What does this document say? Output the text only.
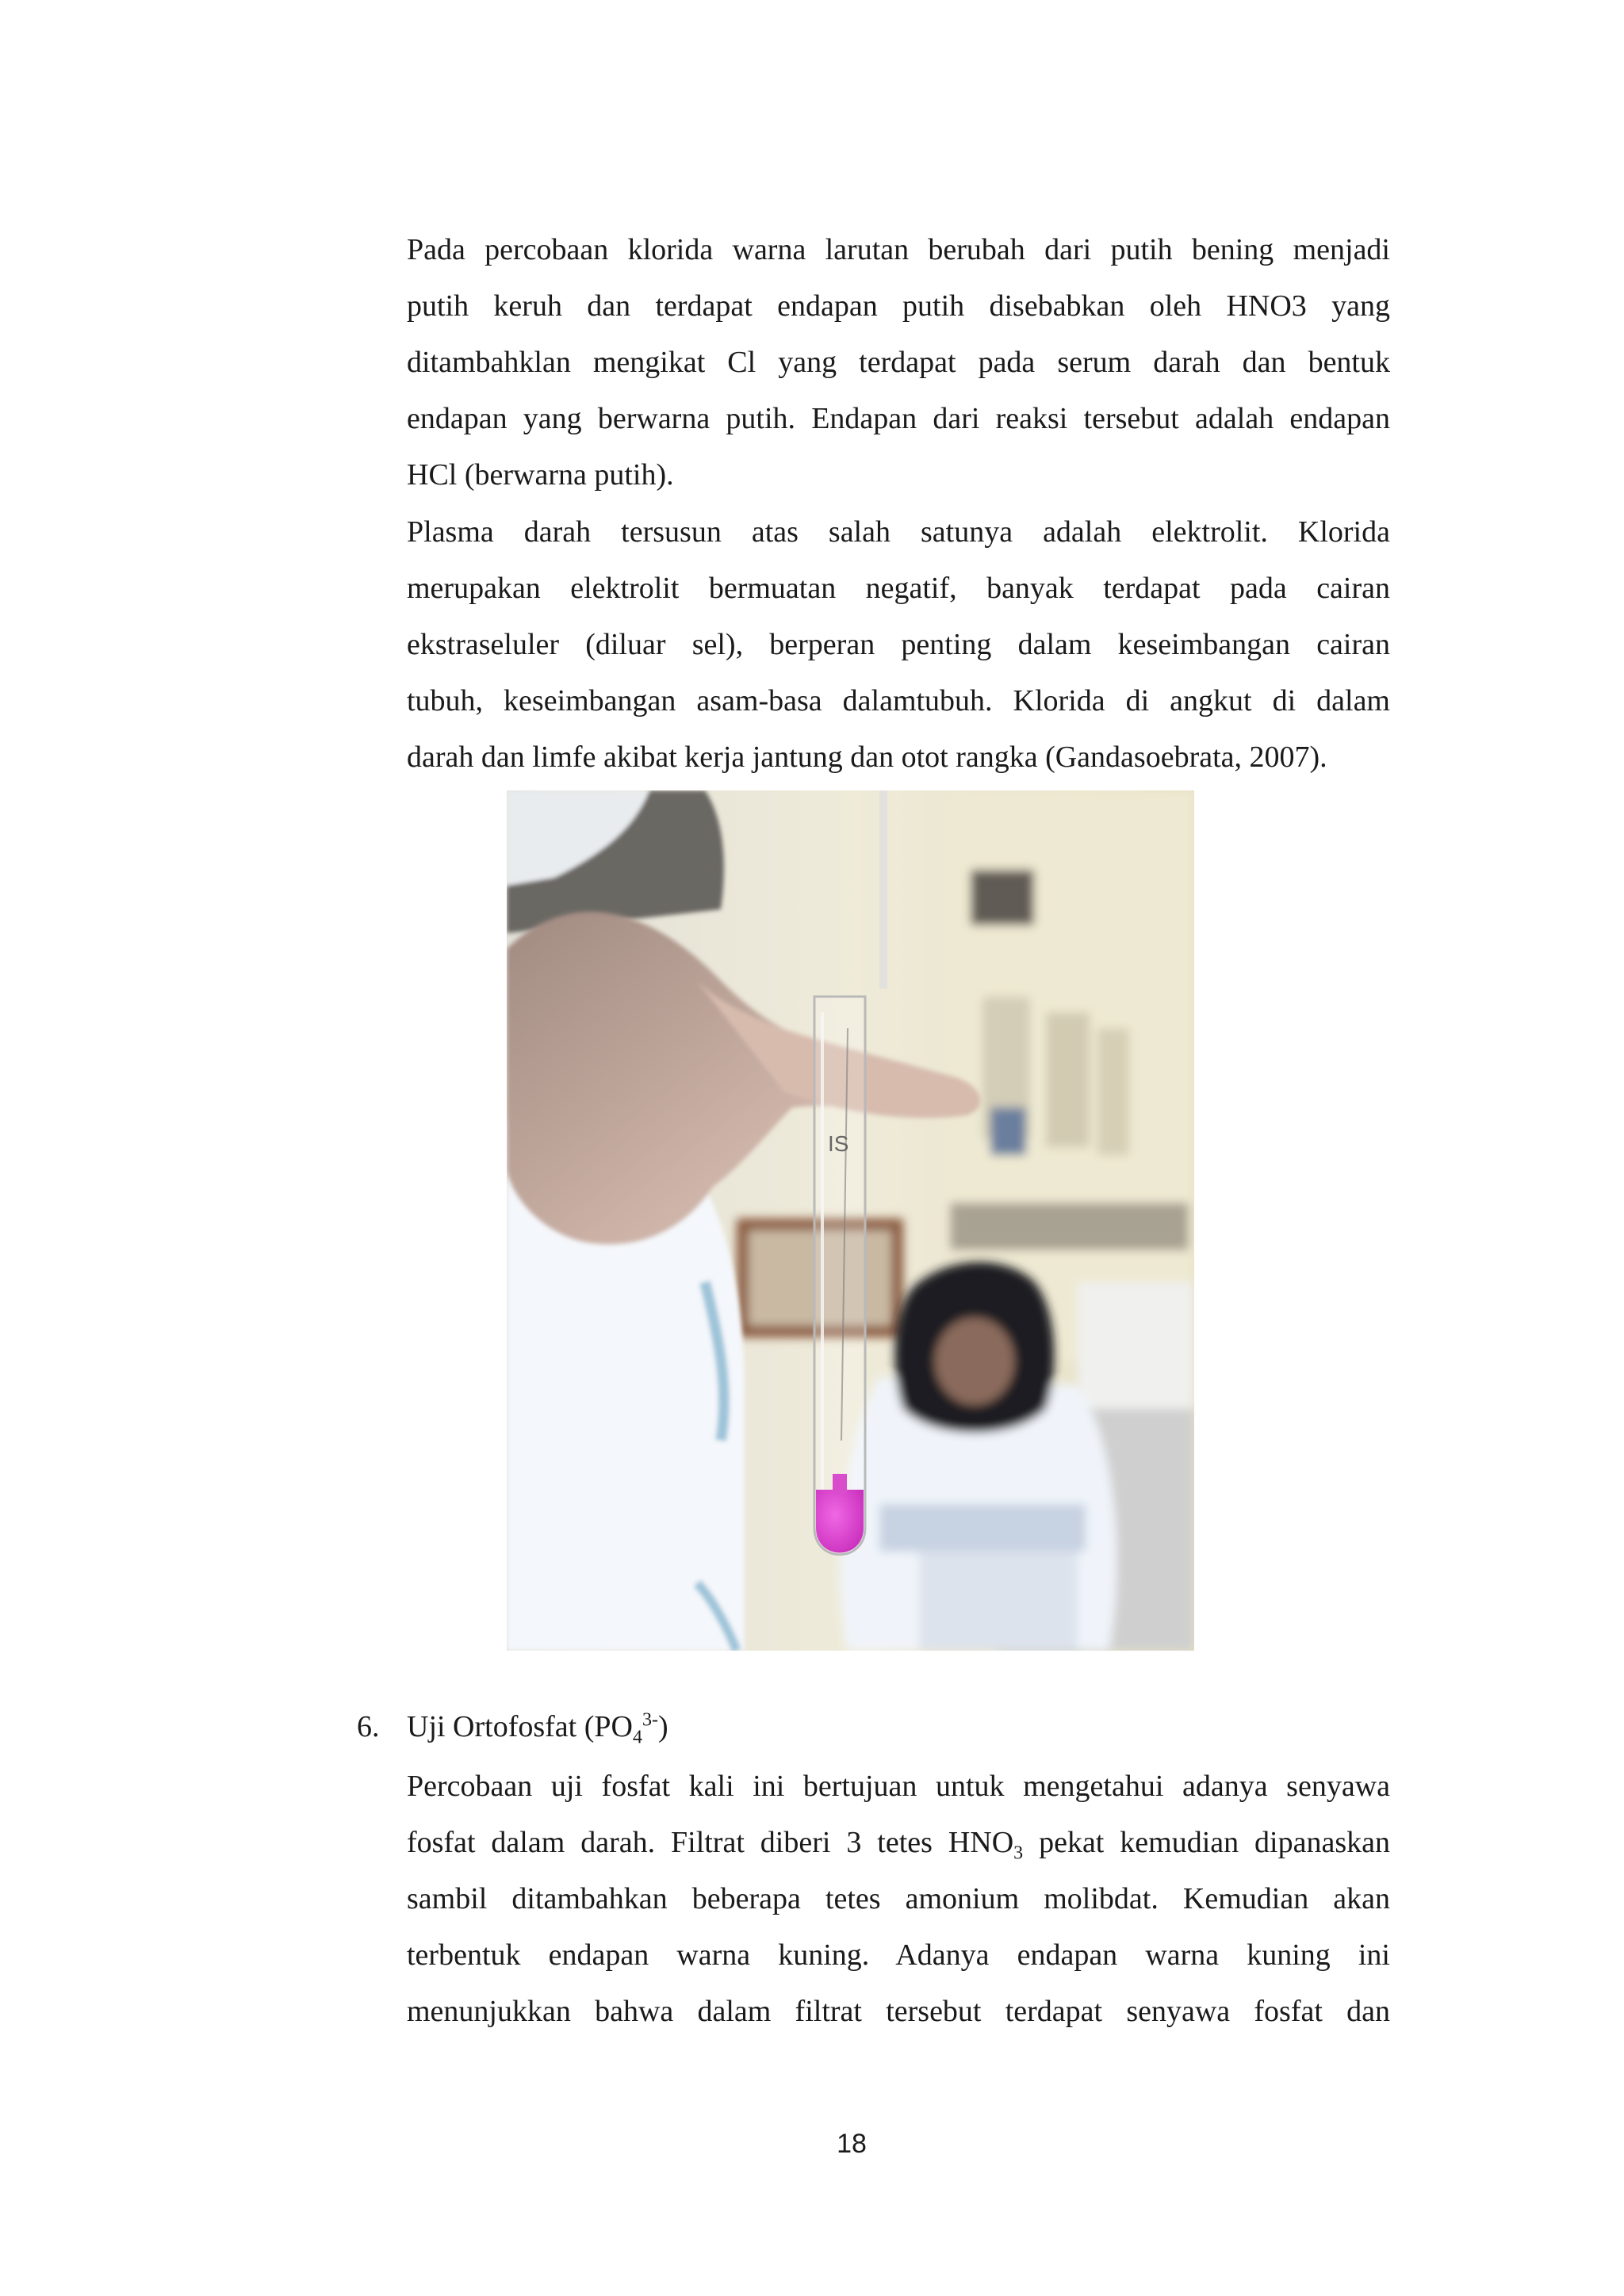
Pada percobaan klorida warna larutan berubah dari putih bening menjadi
putih keruh dan terdapat endapan putih disebabkan oleh HNO3 yang
ditambahklan mengikat Cl yang terdapat pada serum darah dan bentuk
endapan yang berwarna putih. Endapan dari reaksi tersebut adalah endapan
HCl (berwarna putih).
Plasma darah tersusun atas salah satunya adalah elektrolit. Klorida
merupakan elektrolit bermuatan negatif, banyak terdapat pada cairan
ekstraseluler (diluar sel), berperan penting dalam keseimbangan cairan
tubuh, keseimbangan asam-basa dalamtubuh. Klorida di angkut di dalam
darah dan limfe akibat kerja jantung dan otot rangka (Gandasoebrata, 2007).
IS
6. Uji Ortofosfat $(PO_4^{3-})$
Percobaan uji fosfat kali ini bertujuan untuk mengetahui adanya senyawa
fosfat dalam darah. Filtrat diberi 3 tetes $HNO_3$ pekat kemudian dipanaskan
sambil ditambahkan beberapa tetes amonium molibdat. Kemudian akan
terbentuk endapan warna kuning. Adanya endapan warna kuning ini
menunjukkan bahwa dalam filtrat tersebut terdapat senyawa fosfat dan
18
